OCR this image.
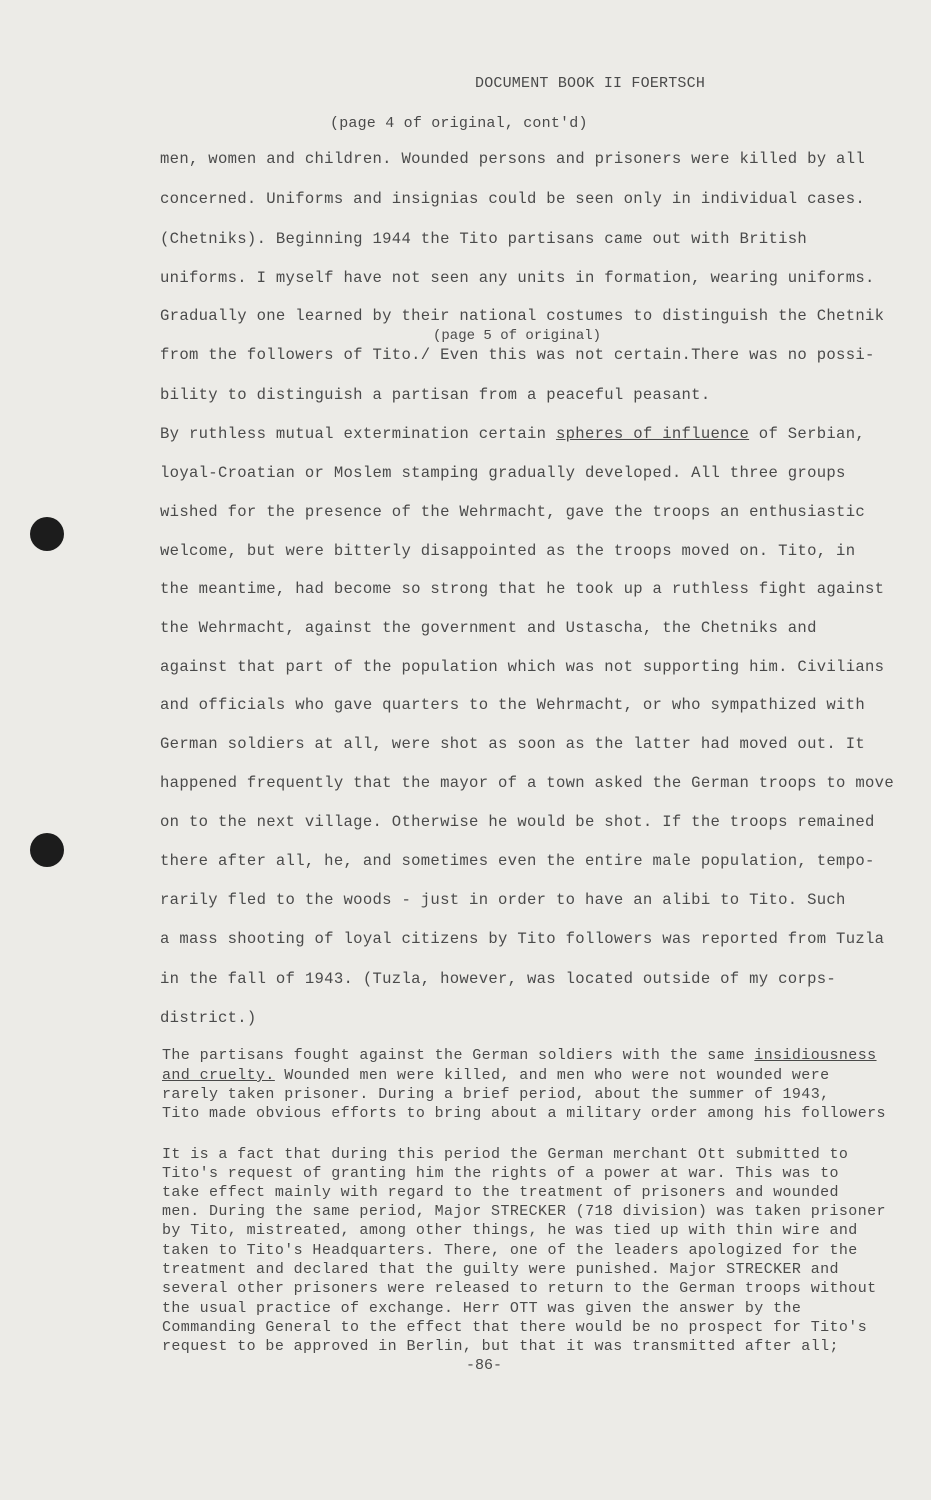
DOCUMENT BOOK II FOERTSCH
(page 4 of original, cont'd)
(page 5 of original)
men, women and children. Wounded persons and prisoners were killed by all
concerned. Uniforms and insignias could be seen only in individual cases.
(Chetniks). Beginning 1944 the Tito partisans came out with British
uniforms. I myself have not seen any units in formation, wearing uniforms.
Gradually one learned by their national costumes to distinguish the Chetnik
from the followers of Tito./ Even this was not certain.There was no possi-
bility to distinguish a partisan from a peaceful peasant.
By ruthless mutual extermination certain spheres of influence of Serbian,
loyal-Croatian or Moslem stamping gradually developed. All three groups
wished for the presence of the Wehrmacht, gave the troops an enthusiastic
welcome, but were bitterly disappointed as the troops moved on. Tito, in
the meantime, had become so strong that he took up a ruthless fight against
the Wehrmacht, against the government and Ustascha, the Chetniks and
against that part of the population which was not supporting him. Civilians
and officials who gave quarters to the Wehrmacht, or who sympathized with
German soldiers at all, were shot as soon as the latter had moved out. It
happened frequently that the mayor of a town asked the German troops to move
on to the next village. Otherwise he would be shot. If the troops remained
there after all, he, and sometimes even the entire male population, tempo-
rarily fled to the woods - just in order to have an alibi to Tito. Such
a mass shooting of loyal citizens by Tito followers was reported from Tuzla
in the fall of 1943. (Tuzla, however, was located outside of my corps-
district.)
The partisans fought against the German soldiers with the same insidiousness
and cruelty. Wounded men were killed, and men who were not wounded were
rarely taken prisoner. During a brief period, about the summer of 1943,
Tito made obvious efforts to bring about a military order among his followers
It is a fact that during this period the German merchant Ott submitted to
Tito's request of granting him the rights of a power at war. This was to
take effect mainly with regard to the treatment of prisoners and wounded
men. During the same period, Major STRECKER (718 division) was taken prisoner
by Tito, mistreated, among other things, he was tied up with thin wire and
taken to Tito's Headquarters. There, one of the leaders apologized for the
treatment and declared that the guilty were punished. Major STRECKER and
several other prisoners were released to return to the German troops without
the usual practice of exchange. Herr OTT was given the answer by the
Commanding General to the effect that there would be no prospect for Tito's
request to be approved in Berlin, but that it was transmitted after all;
-86-
